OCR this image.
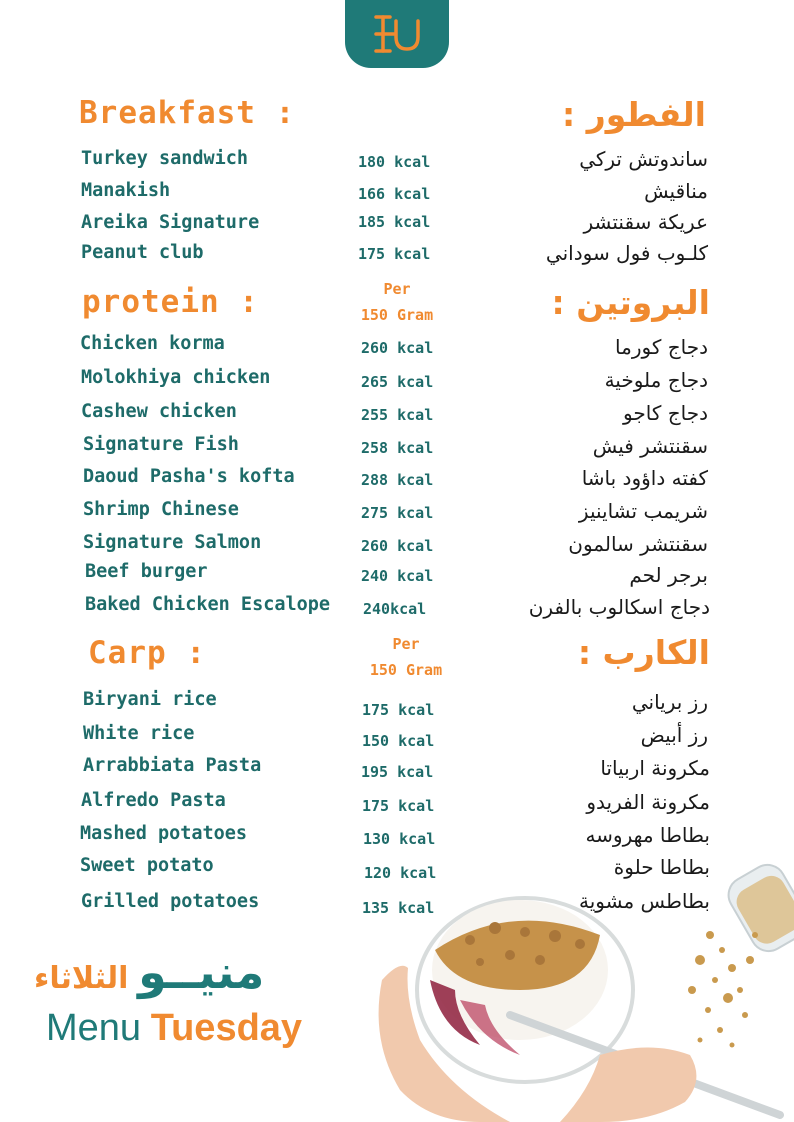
Breakfast :	الفطور :
Turkey sandwich	180 kcal	ساندوتش تركي
Manakish	166 kcal	مناقيش
Areika Signature	185 kcal	عريكة سقنتشر
Peanut club	175 kcal	كلـوب فول سوداني
protein :	Per
150 Gram	البروتين :
Chicken korma	260 kcal	دجاج كورما
Molokhiya chicken	265 kcal	دجاج ملوخية
Cashew chicken	255 kcal	دجاج كاجو
Signature Fish	258 kcal	سقنتشر فيش
Daoud Pasha's kofta	288 kcal	كفته داؤود باشا
Shrimp Chinese	275 kcal	شريمب تشاينيز
Signature Salmon	260 kcal	سقنتشر سالمون
Beef burger	240 kcal	برجر لحم
Baked Chicken Escalope 240kcal	دجاج اسكالوب بالفرن
Carp :	Per
150 Gram	الكارب :
Biryani rice	175 kcal	رز برياني
White rice	150 kcal	رز أبيض
Arrabbiata Pasta	195 kcal	مكرونة اربياتا
Alfredo Pasta	175 kcal	مكرونة الفريدو
Mashed potatoes	130 kcal	بطاطا مهروسه
Sweet potato	120 kcal	بطاطا حلوة
Grilled potatoes	135 kcal	بطاطس مشوية
منيــو الثلاثاء
Menu Tuesday
